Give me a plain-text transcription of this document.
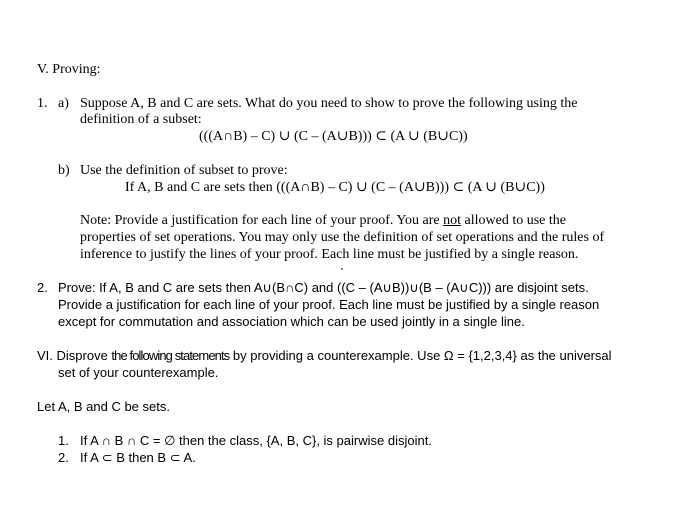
V. Proving:
1. a) Suppose A, B and C are sets. What do you need to show to prove the following using the
definition of a subset:
(((A∩B) – C) ∪ (C – (A∪B))) ⊂ (A ∪ (B∪C))
b) Use the definition of subset to prove:
If A, B and C are sets then (((A∩B) – C) ∪ (C – (A∪B))) ⊂ (A ∪ (B∪C))
Note: Provide a justification for each line of your proof. You are not allowed to use the
properties of set operations. You may only use the definition of set operations and the rules of
inference to justify the lines of your proof. Each line must be justified by a single reason.
2. Prove: If A, B and C are sets then A∪(B∩C) and ((C – (A∪B))∪(B – (A∪C))) are disjoint sets.
Provide a justification for each line of your proof. Each line must be justified by a single reason
except for commutation and association which can be used jointly in a single line.
VI. Disprove the following statements by providing a counterexample. Use Ω = {1,2,3,4} as the universal
set of your counterexample.
Let A, B and C be sets.
1. If A ∩ B ∩ C = ∅ then the class, {A, B, C}, is pairwise disjoint.
2. If A ⊂ B then B ⊂ A.
